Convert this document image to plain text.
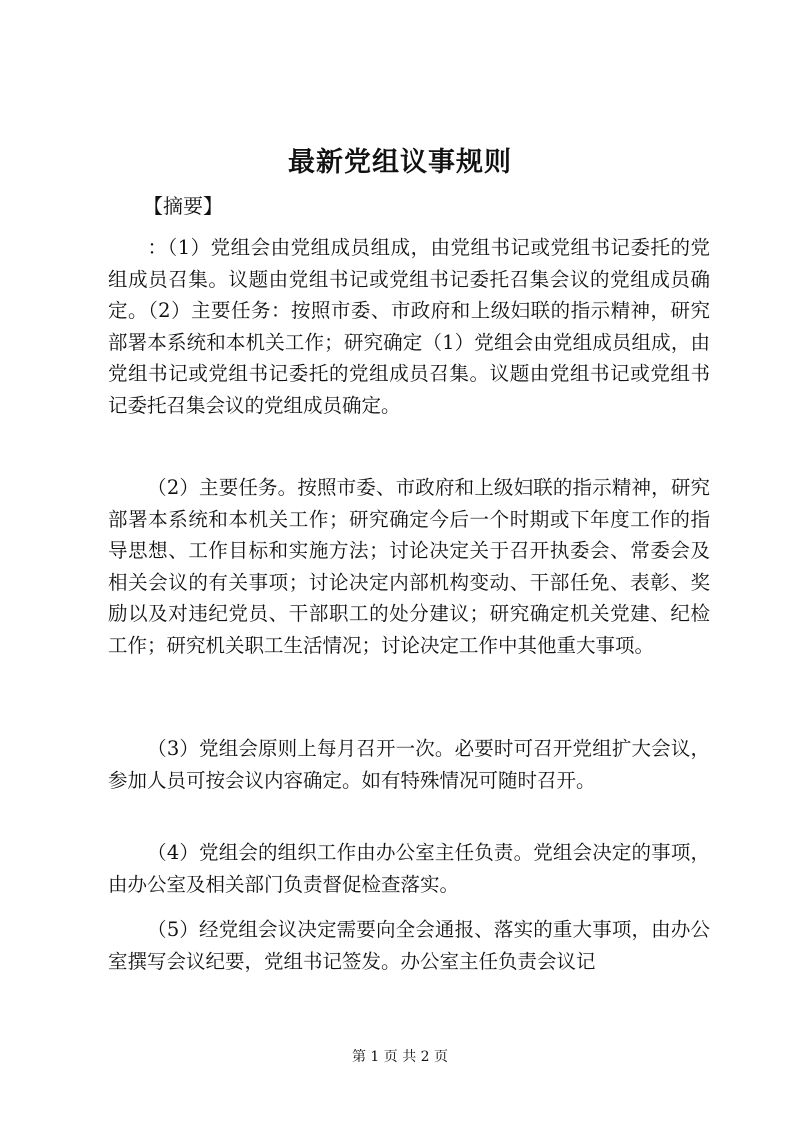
最新党组议事规则
【摘要】

：（1）党组会由党组成员组成，由党组书记或党组书记委托的党组成员召集。议题由党组书记或党组书记委托召集会议的党组成员确定。（2）主要任务：按照市委、市政府和上级妇联的指示精神，研究部署本系统和本机关工作；研究确定（1）党组会由党组成员组成，由党组书记或党组书记委托的党组成员召集。议题由党组书记或党组书记委托召集会议的党组成员确定。

（2）主要任务。按照市委、市政府和上级妇联的指示精神，研究部署本系统和本机关工作；研究确定今后一个时期或下年度工作的指导思想、工作目标和实施方法；讨论决定关于召开执委会、常委会及相关会议的有关事项；讨论决定内部机构变动、干部任免、表彰、奖励以及对违纪党员、干部职工的处分建议；研究确定机关党建、纪检工作；研究机关职工生活情况；讨论决定工作中其他重大事项。

（3）党组会原则上每月召开一次。必要时可召开党组扩大会议，参加人员可按会议内容确定。如有特殊情况可随时召开。

（4）党组会的组织工作由办公室主任负责。党组会决定的事项，由办公室及相关部门负责督促检查落实。

（5）经党组会议决定需要向全会通报、落实的重大事项，由办公室撰写会议纪要，党组书记签发。办公室主任负责会议记

第 1 页 共 2 页
